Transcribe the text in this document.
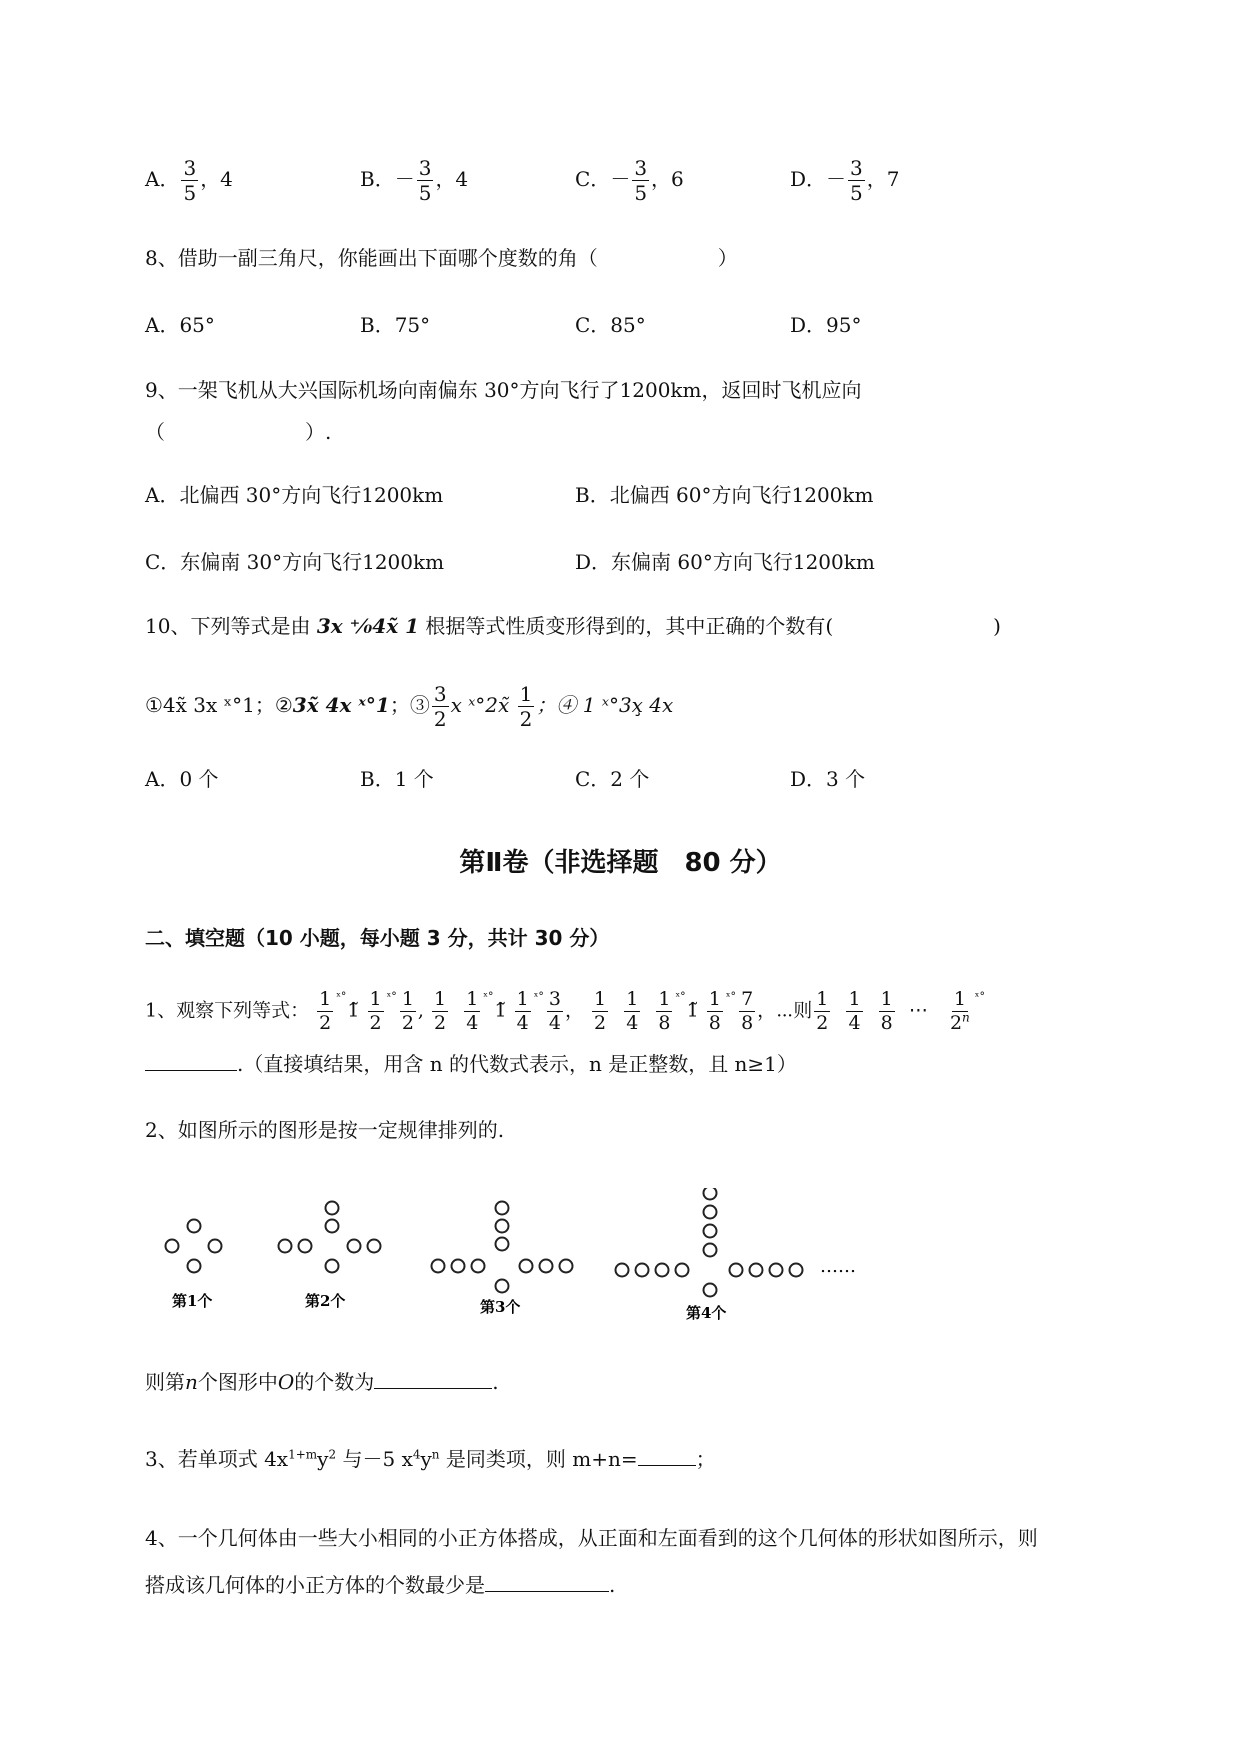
A． $\frac{3}{5}$ ，4	B．－ $\frac{3}{5}$ ，4	C．－ $\frac{3}{5}$ ，6	D．－ $\frac{3}{5}$ ，7
8、借助一副三角尺，你能画出下面哪个度数的角（　　　　　　）
A．65°	B．75°	C．85°	D．95°
9、一架飞机从大兴国际机场向南偏东 30°方向飞行了1200km，返回时飞机应向
（　　　　　　　）.
A．北偏西 30°方向飞行1200km	B．北偏西 60°方向飞行1200km
C．东偏南 30°方向飞行1200km	D．东偏南 60°方向飞行1200km
10、下列等式是由 3x ⁺⁄₀4x̃ 1 根据等式性质变形得到的，其中正确的个数有(　　　　　　　　)
①4x̃ 3x ˣ°1；②3x̃ 4x ˣ°1；③ $\frac{3}{2}$ x ˣ°2x̃ $\frac{1}{2}$ ；④ 1 ˣ°3x̧ 4x
A．0 个	B．1 个	C．2 个	D．3 个
第Ⅱ卷（非选择题　80 分）
二、填空题（10 小题，每小题 3 分，共计 30 分）
1、观察下列等式： $\frac{1}{2}$ $^{ˣ^\circ}$1̃ $\frac{1}{2} ^{ˣ^\circ} \frac{1}{2}$ , $\frac{1}{2}$
$\frac{1}{4}$ $^{ˣ^\circ}$1̃ $\frac{1}{4} ^{ˣ^\circ} \frac{3}{4}$ ， $\frac{1}{2}$
$\frac{1}{4}$
$\frac{1}{8}$ $^{ˣ^\circ}$1̃ $\frac{1}{8} ^{ˣ^\circ} \frac{7}{8}$ ，⋯则 $\frac{1}{2}$
$\frac{1}{4}$
$\frac{1}{8}$ ⋯ $\frac{1}{2^n} ^{ˣ^\circ}$
.（直接填结果，用含 n 的代数式表示，n 是正整数，且 n≥1）
2、如图所示的图形是按一定规律排列的.
第1个	第2个	第3个	第4个
……
则第n个图形中O的个数为	.
3、若单项式 $4x^{1+m}y^2$ 与－5 $x^4y^n$ 是同类项，则 m+n=	；
4、一个几何体由一些大小相同的小正方体搭成，从正面和左面看到的这个几何体的形状如图所示，则
搭成该几何体的小正方体的个数最少是	.
